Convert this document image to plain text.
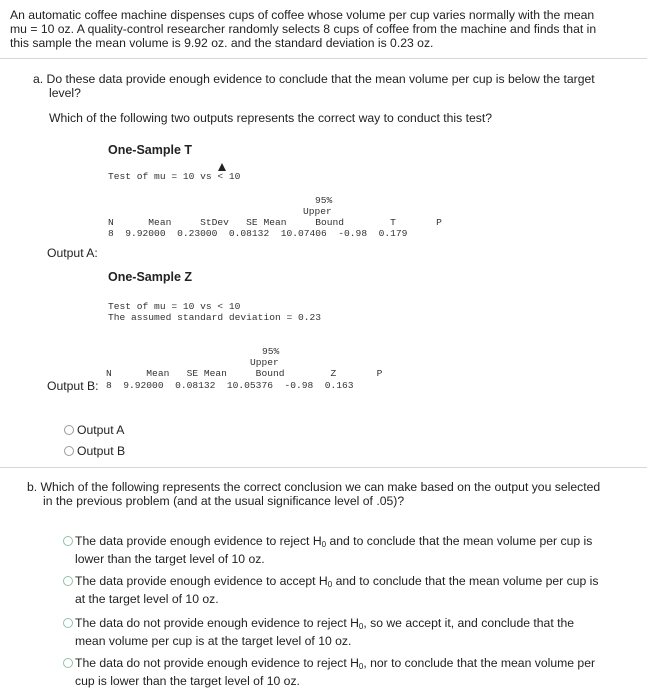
An automatic coffee machine dispenses cups of coffee whose volume per cup varies normally with the mean
mu = 10 oz. A quality-control researcher randomly selects 8 cups of coffee from the machine and finds that in
this sample the mean volume is 9.92 oz. and the standard deviation is 0.23 oz.
a. Do these data provide enough evidence to conclude that the mean volume per cup is below the target
level?
Which of the following two outputs represents the correct way to conduct this test?
One-Sample T
Test of mu = 10 vs < 10
95%
Upper
N      Mean     StDev   SE Mean     Bound        T       P
8  9.92000  0.23000  0.08132  10.07406  -0.98  0.179
Output A:
One-Sample Z
Test of mu = 10 vs < 10
The assumed standard deviation = 0.23
95%
Upper
N      Mean   SE Mean     Bound        Z       P
Output B: 8  9.92000  0.08132  10.05376  -0.98  0.163
Output A
Output B
b. Which of the following represents the correct conclusion we can make based on the output you selected
in the previous problem (and at the usual significance level of .05)?
The data provide enough evidence to reject $H_0$ and to conclude that the mean volume per cup is
lower than the target level of 10 oz.
The data provide enough evidence to accept $H_0$ and to conclude that the mean volume per cup is
at the target level of 10 oz.
The data do not provide enough evidence to reject $H_0$, so we accept it, and conclude that the
mean volume per cup is at the target level of 10 oz.
The data do not provide enough evidence to reject $H_0$, nor to conclude that the mean volume per
cup is lower than the target level of 10 oz.
